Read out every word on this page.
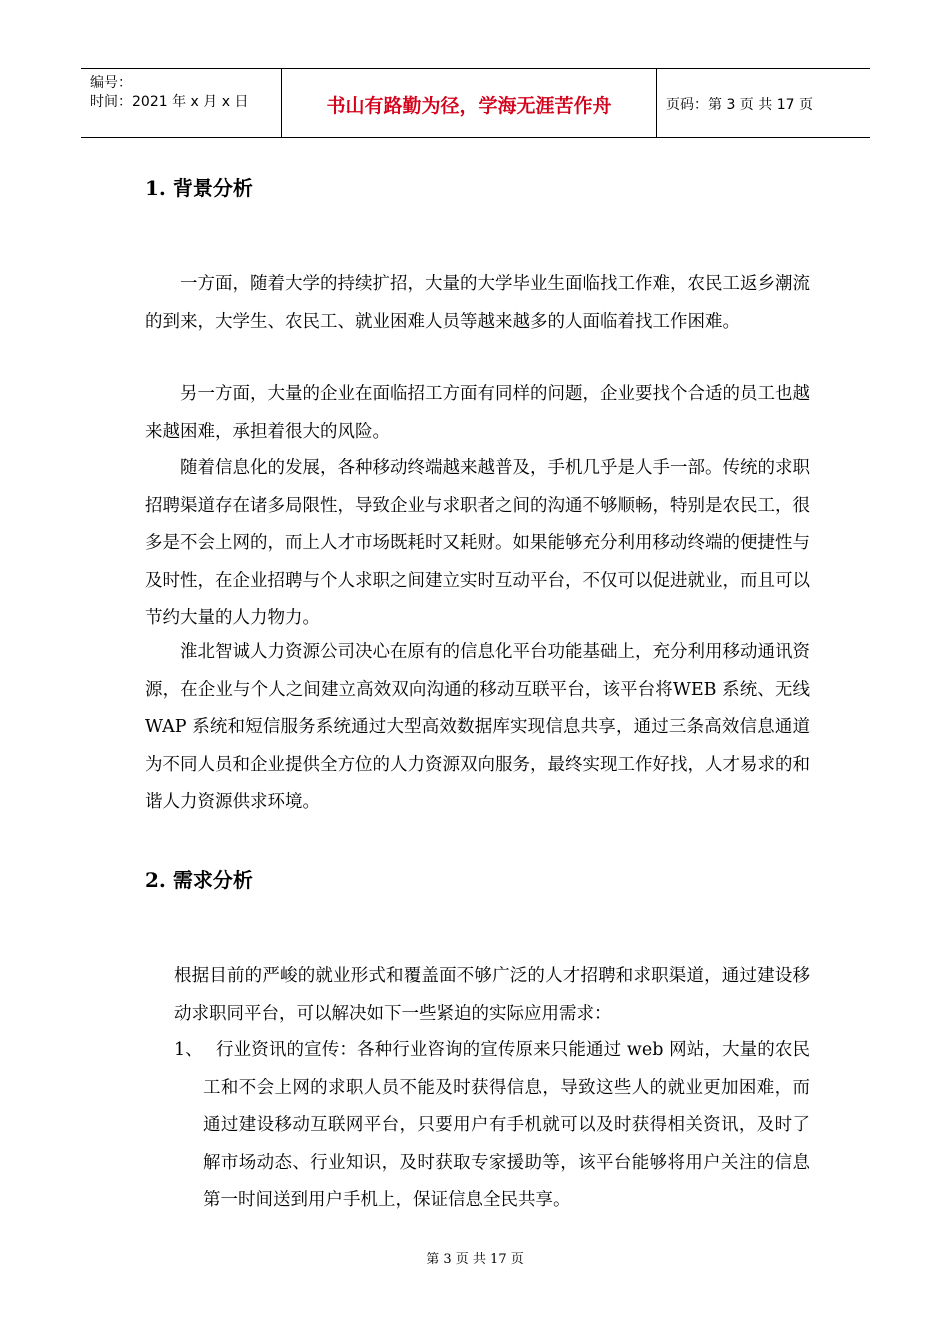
编号：
时间：2021 年 x 月 x 日	书山有路勤为径，学海无涯苦作舟	页码：第 3 页 共 17 页
1. 背景分析

一方面，随着大学的持续扩招，大量的大学毕业生面临找工作难，农民工返乡潮流的到来，大学生、农民工、就业困难人员等越来越多的人面临着找工作困难。

另一方面，大量的企业在面临招工方面有同样的问题，企业要找个合适的员工也越来越困难，承担着很大的风险。

随着信息化的发展，各种移动终端越来越普及，手机几乎是人手一部。传统的求职招聘渠道存在诸多局限性，导致企业与求职者之间的沟通不够顺畅，特别是农民工，很多是不会上网的，而上人才市场既耗时又耗财。如果能够充分利用移动终端的便捷性与及时性，在企业招聘与个人求职之间建立实时互动平台，不仅可以促进就业，而且可以节约大量的人力物力。

淮北智诚人力资源公司决心在原有的信息化平台功能基础上，充分利用移动通讯资源，在企业与个人之间建立高效双向沟通的移动互联平台，该平台将WEB 系统、无线 WAP 系统和短信服务系统通过大型高效数据库实现信息共享，通过三条高效信息通道为不同人员和企业提供全方位的人力资源双向服务，最终实现工作好找，人才易求的和谐人力资源供求环境。

2. 需求分析

根据目前的严峻的就业形式和覆盖面不够广泛的人才招聘和求职渠道，通过建设移动求职同平台，可以解决如下一些紧迫的实际应用需求：

1、 行业资讯的宣传：各种行业咨询的宣传原来只能通过 web 网站，大量的农民工和不会上网的求职人员不能及时获得信息，导致这些人的就业更加困难，而通过建设移动互联网平台，只要用户有手机就可以及时获得相关资讯，及时了解市场动态、行业知识，及时获取专家援助等，该平台能够将用户关注的信息第一时间送到用户手机上，保证信息全民共享。
第 3 页 共 17 页
